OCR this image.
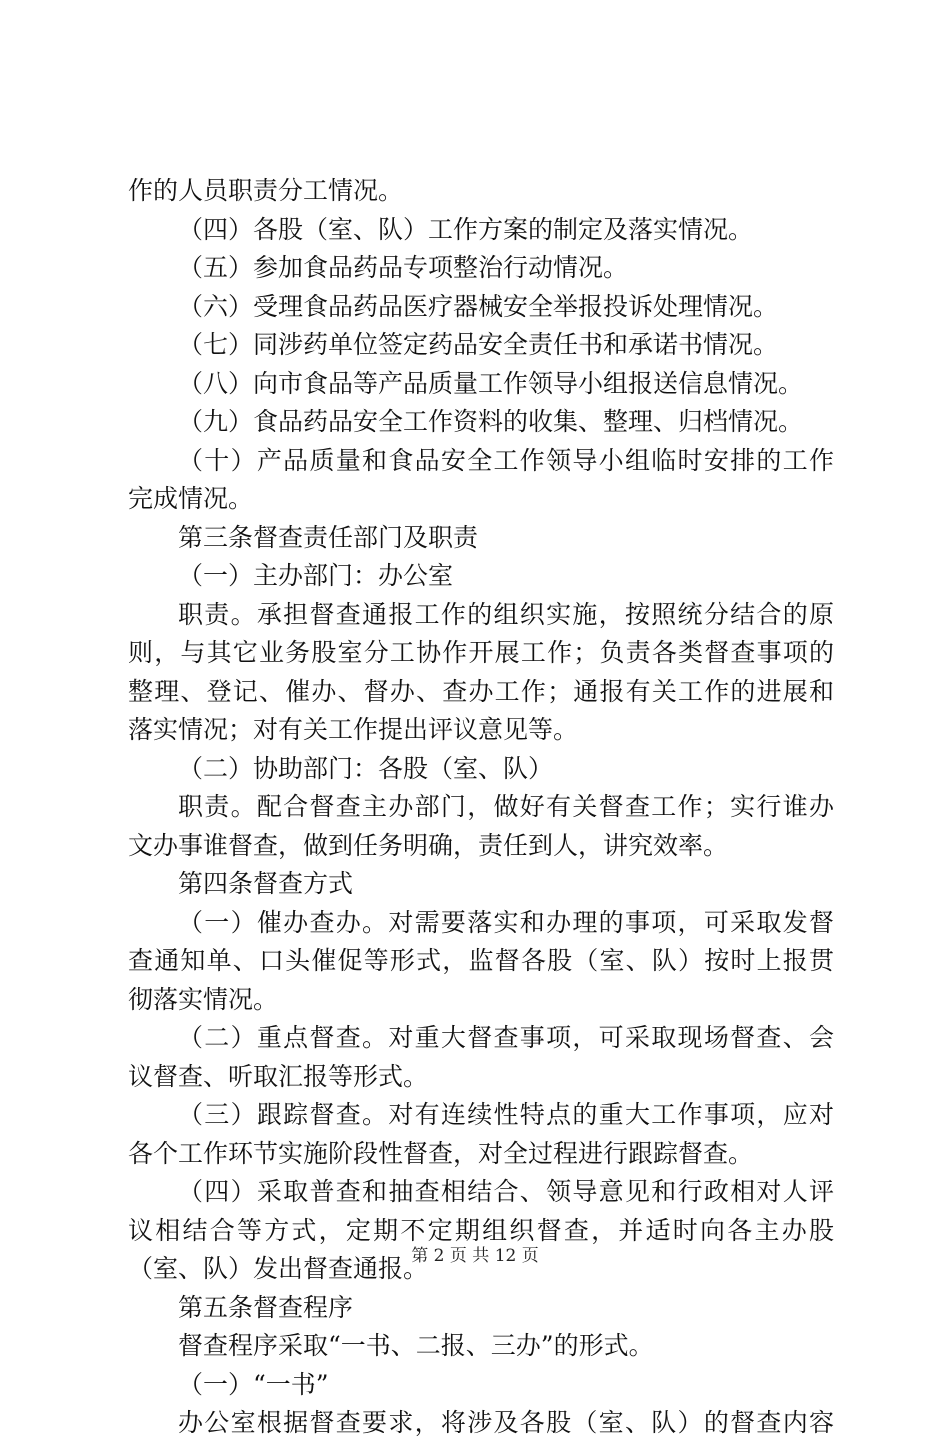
作的人员职责分工情况。
（四）各股（室、队）工作方案的制定及落实情况。
（五）参加食品药品专项整治行动情况。
（六）受理食品药品医疗器械安全举报投诉处理情况。
（七）同涉药单位签定药品安全责任书和承诺书情况。
（八）向市食品等产品质量工作领导小组报送信息情况。
（九）食品药品安全工作资料的收集、整理、归档情况。
（十）产品质量和食品安全工作领导小组临时安排的工作
完成情况。
第三条督查责任部门及职责
（一）主办部门：办公室
职责。承担督查通报工作的组织实施，按照统分结合的原
则，与其它业务股室分工协作开展工作；负责各类督查事项的
整理、登记、催办、督办、查办工作；通报有关工作的进展和
落实情况；对有关工作提出评议意见等。
（二）协助部门：各股（室、队）
职责。配合督查主办部门，做好有关督查工作；实行谁办
文办事谁督查，做到任务明确，责任到人，讲究效率。
第四条督查方式
（一）催办查办。对需要落实和办理的事项，可采取发督
查通知单、口头催促等形式，监督各股（室、队）按时上报贯
彻落实情况。
（二）重点督查。对重大督查事项，可采取现场督查、会
议督查、听取汇报等形式。
（三）跟踪督查。对有连续性特点的重大工作事项，应对
各个工作环节实施阶段性督查，对全过程进行跟踪督查。
（四）采取普查和抽查相结合、领导意见和行政相对人评
议相结合等方式，定期不定期组织督查，并适时向各主办股
（室、队）发出督查通报。
第五条督查程序
督查程序采取“一书、二报、三办”的形式。
（一）“一书”
办公室根据督查要求，将涉及各股（室、队）的督查内容
第 2 页 共 12 页
